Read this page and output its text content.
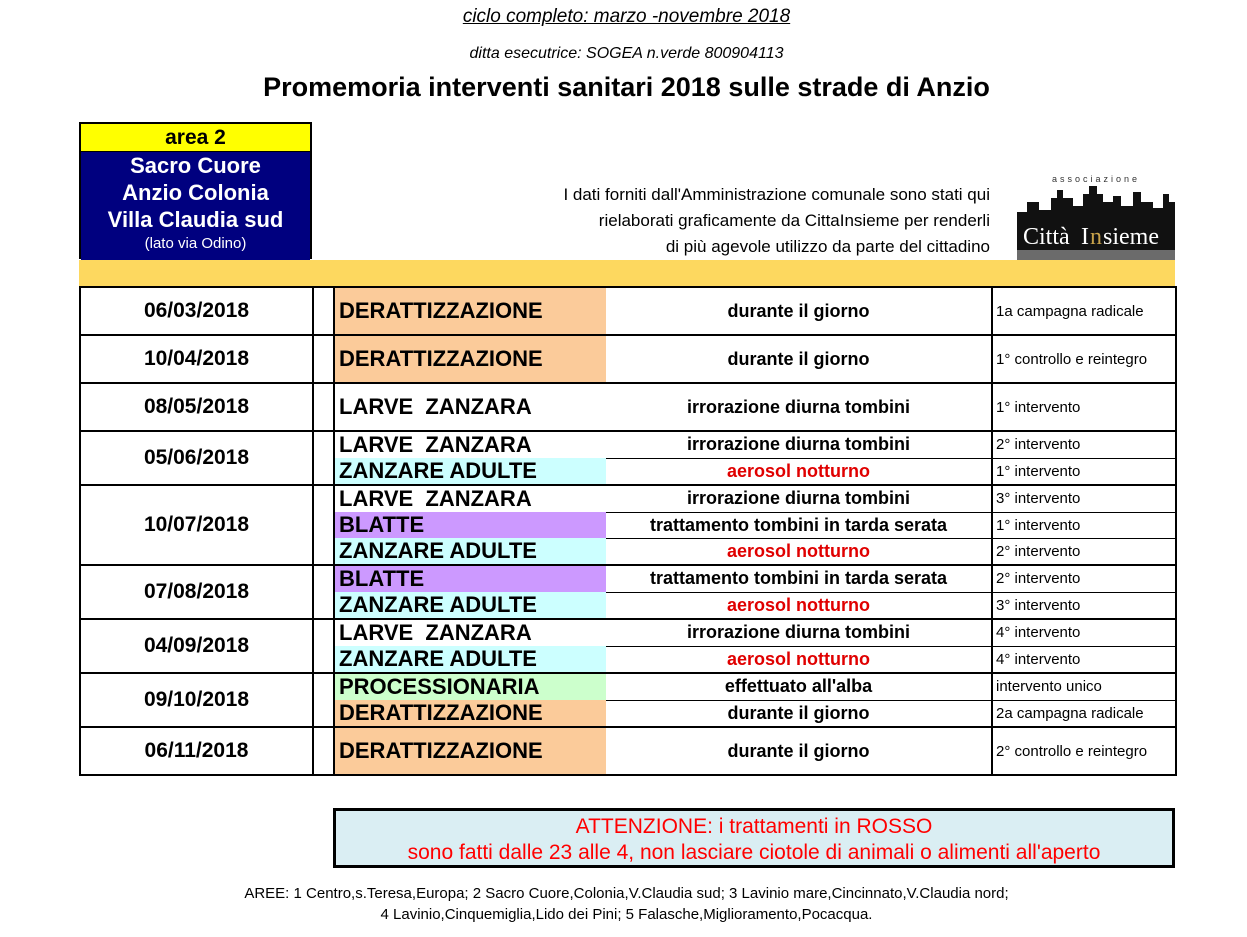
ciclo completo: marzo -novembre 2018
ditta esecutrice: SOGEA n.verde 800904113
Promemoria interventi sanitari 2018 sulle strade di Anzio
area 2
Sacro Cuore
Anzio Colonia
Villa Claudia sud
(lato via Odino)
I dati forniti dall'Amministrazione comunale sono stati qui
rielaborati graficamente da CittaInsieme per renderli
di più agevole utilizzo da parte del cittadino
associazione
Città I n sieme
06/03/2018		DERATTIZZAZIONE	durante il giorno	1a campagna radicale
10/04/2018		DERATTIZZAZIONE	durante il giorno	1° controllo e reintegro
08/05/2018		LARVE  ZANZARA	irrorazione diurna tombini	1° intervento
05/06/2018		LARVE  ZANZARA	irrorazione diurna tombini	2° intervento
		ZANZARE ADULTE	aerosol notturno	1° intervento
10/07/2018		LARVE  ZANZARA	irrorazione diurna tombini	3° intervento
		BLATTE	trattamento tombini in tarda serata	1° intervento
		ZANZARE ADULTE	aerosol notturno	2° intervento
07/08/2018		BLATTE	trattamento tombini in tarda serata	2° intervento
		ZANZARE ADULTE	aerosol notturno	3° intervento
04/09/2018		LARVE  ZANZARA	irrorazione diurna tombini	4° intervento
		ZANZARE ADULTE	aerosol notturno	4° intervento
09/10/2018		PROCESSIONARIA	effettuato all'alba	intervento unico
		DERATTIZZAZIONE	durante il giorno	2a campagna radicale
06/11/2018		DERATTIZZAZIONE	durante il giorno	2° controllo e reintegro
ATTENZIONE: i trattamenti in ROSSO
sono fatti dalle 23 alle 4, non lasciare ciotole di animali o alimenti all'aperto
AREE: 1 Centro,s.Teresa,Europa; 2 Sacro Cuore,Colonia,V.Claudia sud; 3 Lavinio mare,Cincinnato,V.Claudia nord;
4 Lavinio,Cinquemiglia,Lido dei Pini; 5 Falasche,Miglioramento,Pocacqua.
